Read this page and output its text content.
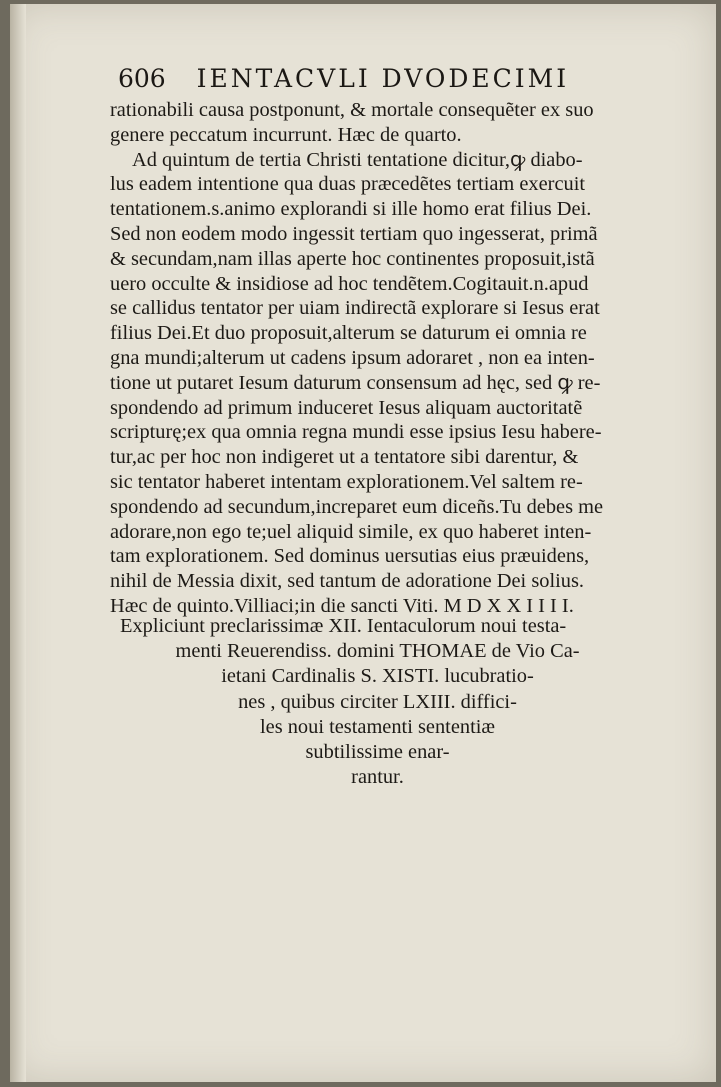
606 IENTACVLI DVODECIMI
rationabili causa postponunt, & mortale consequẽter ex suo
genere peccatum incurrunt. Hæc de quarto.
Ad quintum de tertia Christi tentatione dicitur,ꝙ diabo-
lus eadem intentione qua duas præcedẽtes tertiam exercuit
tentationem.s.animo explorandi si ille homo erat filius Dei.
Sed non eodem modo ingessit tertiam quo ingesserat, primã
& secundam,nam illas aperte hoc continentes proposuit,istã
uero occulte & insidiose ad hoc tendẽtem.Cogitauit.n.apud
se callidus tentator per uiam indirectã explorare si Iesus erat
filius Dei.Et duo proposuit,alterum se daturum ei omnia re
gna mundi;alterum ut cadens ipsum adoraret , non ea inten-
tione ut putaret Iesum daturum consensum ad hęc, sed ꝙ re-
spondendo ad primum induceret Iesus aliquam auctoritatẽ
scripturę;ex qua omnia regna mundi esse ipsius Iesu habere-
tur,ac per hoc non indigeret ut a tentatore sibi darentur, &
sic tentator haberet intentam explorationem.Vel saltem re-
spondendo ad secundum,increparet eum diceñs.Tu debes me
adorare,non ego te;uel aliquid simile, ex quo haberet inten-
tam explorationem. Sed dominus uersutias eius præuidens,
nihil de Messia dixit, sed tantum de adoratione Dei solius.
Hæc de quinto.Villiaci;in die sancti Viti. M D X X I I I I.
Expliciunt preclarissimæ XII. Ientaculorum noui testa-
menti Reuerendiss. domini THOMAE de Vio Ca-
ietani Cardinalis S. XISTI. lucubratio-
nes , quibus circiter LXIII. diffici-
les noui testamenti sententiæ
subtilissime enar-
rantur.
